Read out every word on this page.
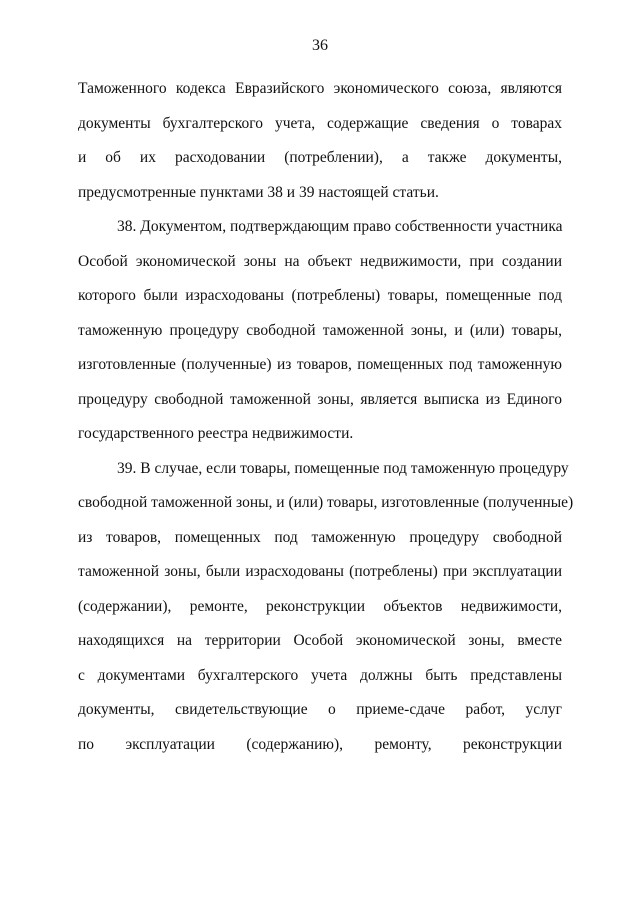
36
Таможенного кодекса Евразийского экономического союза, являются
документы бухгалтерского учета, содержащие сведения о товарах
и об их расходовании (потреблении), а также документы,
предусмотренные пунктами 38 и 39 настоящей статьи.
38. Документом, подтверждающим право собственности участника
Особой экономической зоны на объект недвижимости, при создании
которого были израсходованы (потреблены) товары, помещенные под
таможенную процедуру свободной таможенной зоны, и (или) товары,
изготовленные (полученные) из товаров, помещенных под таможенную
процедуру свободной таможенной зоны, является выписка из Единого
государственного реестра недвижимости.
39. В случае, если товары, помещенные под таможенную процедуру
свободной таможенной зоны, и (или) товары, изготовленные (полученные)
из товаров, помещенных под таможенную процедуру свободной
таможенной зоны, были израсходованы (потреблены) при эксплуатации
(содержании), ремонте, реконструкции объектов недвижимости,
находящихся на территории Особой экономической зоны, вместе
с документами бухгалтерского учета должны быть представлены
документы, свидетельствующие о приеме-сдаче работ, услуг
по эксплуатации (содержанию), ремонту, реконструкции
